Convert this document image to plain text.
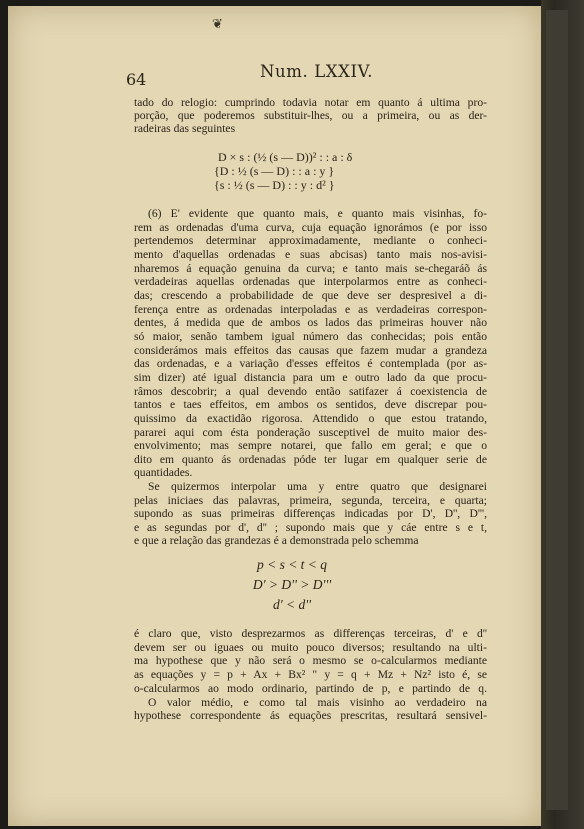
❦
64	Num. LXXIV.
tado do relogio: cumprindo todavia notar em quanto á ultima pro-
porção, que poderemos substituir-lhes, ou a primeira, ou as der-
radeiras das seguintes
D × s : (½ (s — D))² : : a : δ
{D : ½ (s — D) : : a : y }
{s : ½ (s — D) : : y : d² }
(6) E' evidente que quanto mais, e quanto mais visinhas, fo-
rem as ordenadas d'uma curva, cuja equação ignorámos (e por isso
pertendemos determinar approximadamente, mediante o conheci-
mento d'aquellas ordenadas e suas abcisas) tanto mais nos-avisi-
nharemos á equação genuina da curva; e tanto mais se-chegaráõ ás
verdadeiras aquellas ordenadas que interpolarmos entre as conheci-
das; crescendo a probabilidade de que deve ser despresivel a di-
ferença entre as ordenadas interpoladas e as verdadeiras correspon-
dentes, á medida que de ambos os lados das primeiras houver não
só maior, senão tambem igual número das conhecidas; pois então
considerámos mais effeitos das causas que fazem mudar a grandeza
das ordenadas, e a variação d'esses effeitos é contemplada (por as-
sim dizer) até igual distancia para um e outro lado da que procu-
râmos descobrir; a qual devendo então satifazer á coexistencia de
tantos e taes effeitos, em ambos os sentidos, deve discrepar pou-
quissimo da exactidão rigorosa. Attendido o que estou tratando,
pararei aqui com ésta ponderação susceptivel de muito maior des-
envolvimento; mas sempre notarei, que fallo em geral; e que o
dito em quanto ás ordenadas póde ter lugar em qualquer serie de
quantidades.
Se quizermos interpolar uma y entre quatro que designarei
pelas iniciaes das palavras, primeira, segunda, terceira, e quarta;
supondo as suas primeiras differenças indicadas por D', D'', D''',
e as segundas por d', d'' ; supondo mais que y cáe entre s e t,
e que a relação das grandezas é a demonstrada pelo schemma
p < s < t < q
D' > D'' > D'''
d' < d''
é claro que, visto desprezarmos as differenças terceiras, d' e d''
devem ser ou iguaes ou muito pouco diversos; resultando na ulti-
ma hypothese que y não será o mesmo se o-calcularmos mediante
as equações y = p + Ax + Bx² " y = q + Mz + Nz² isto é, se
o-calcularmos ao modo ordinario, partindo de p, e partindo de q.
O valor médio, e como tal mais visinho ao verdadeiro na
hypothese correspondente ás equações prescritas, resultará sensivel-
